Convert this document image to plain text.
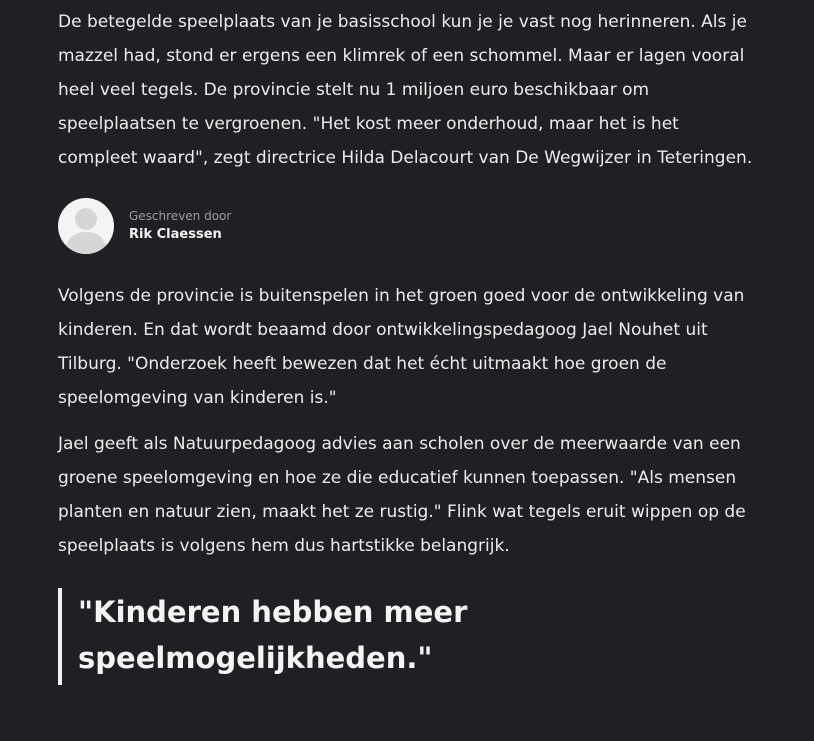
De betegelde speelplaats van je basisschool kun je je vast nog herinneren. Als je mazzel had, stond er ergens een klimrek of een schommel. Maar er lagen vooral heel veel tegels. De provincie stelt nu 1 miljoen euro beschikbaar om speelplaatsen te vergroenen. "Het kost meer onderhoud, maar het is het compleet waard", zegt directrice Hilda Delacourt van De Wegwijzer in Teteringen.

Geschreven door
Rik Claessen

Volgens de provincie is buitenspelen in het groen goed voor de ontwikkeling van kinderen. En dat wordt beaamd door ontwikkelingspedagoog Jael Nouhet uit Tilburg. "Onderzoek heeft bewezen dat het écht uitmaakt hoe groen de speelomgeving van kinderen is."

Jael geeft als Natuurpedagoog advies aan scholen over de meerwaarde van een groene speelomgeving en hoe ze die educatief kunnen toepassen. "Als mensen planten en natuur zien, maakt het ze rustig." Flink wat tegels eruit wippen op de speelplaats is volgens hem dus hartstikke belangrijk.

"Kinderen hebben meer speelmogelijkheden."
